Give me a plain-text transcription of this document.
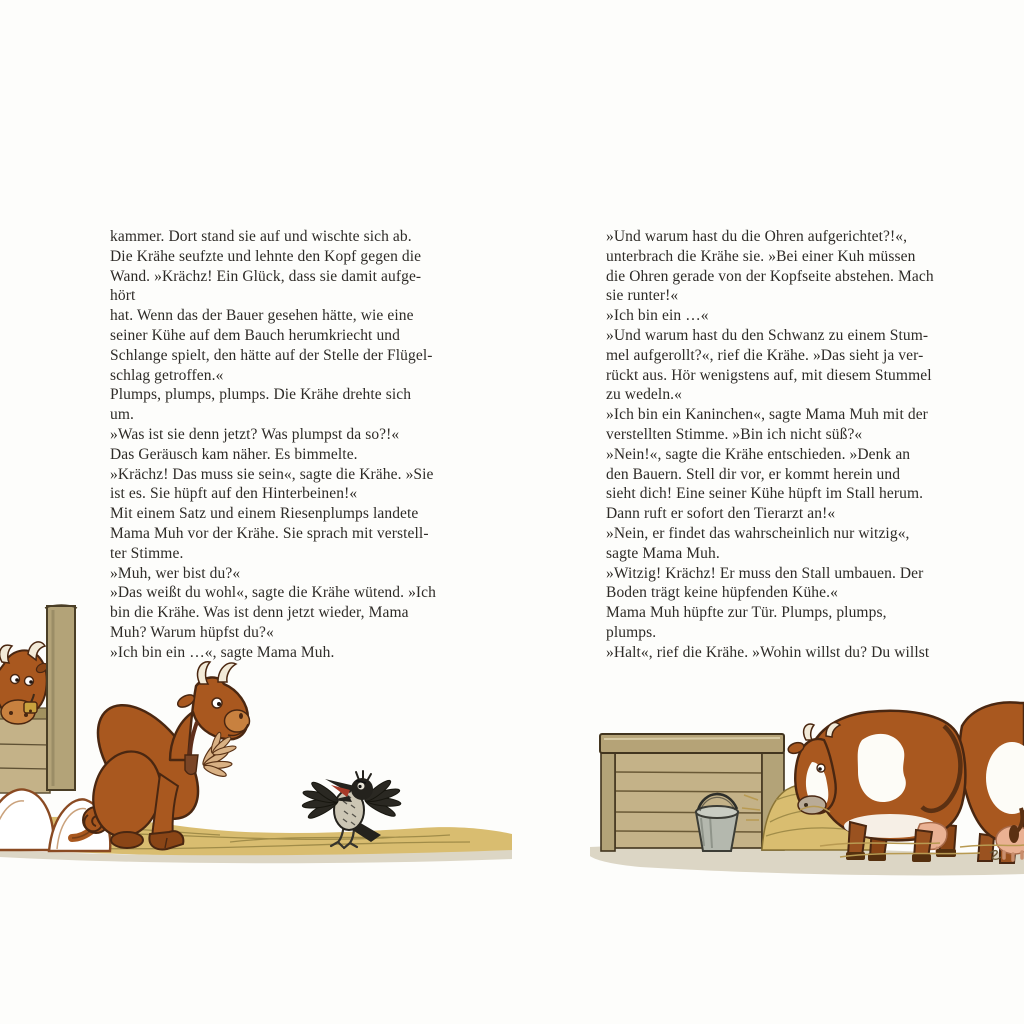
kammer. Dort stand sie auf und wischte sich ab.
Die Krähe seufzte und lehnte den Kopf gegen die
Wand. »Krächz! Ein Glück, dass sie damit aufge-
hört
hat. Wenn das der Bauer gesehen hätte, wie eine
seiner Kühe auf dem Bauch herumkriecht und
Schlange spielt, den hätte auf der Stelle der Flügel-
schlag getroffen.«
Plumps, plumps, plumps. Die Krähe drehte sich
um.
»Was ist sie denn jetzt? Was plumpst da so?!«
Das Geräusch kam näher. Es bimmelte.
»Krächz! Das muss sie sein«, sagte die Krähe. »Sie
ist es. Sie hüpft auf den Hinterbeinen!«
Mit einem Satz und einem Riesenplumps landete
Mama Muh vor der Krähe. Sie sprach mit verstell-
ter Stimme.
»Muh, wer bist du?«
»Das weißt du wohl«, sagte die Krähe wütend. »Ich
bin die Krähe. Was ist denn jetzt wieder, Mama
Muh? Warum hüpfst du?«
»Ich bin ein …«, sagte Mama Muh.
»Und warum hast du die Ohren aufgerichtet?!«,
unterbrach die Krähe sie. »Bei einer Kuh müssen
die Ohren gerade von der Kopfseite abstehen. Mach
sie runter!«
»Ich bin ein …«
»Und warum hast du den Schwanz zu einem Stum-
mel aufgerollt?«, rief die Krähe. »Das sieht ja ver-
rückt aus. Hör wenigstens auf, mit diesem Stummel
zu wedeln.«
»Ich bin ein Kaninchen«, sagte Mama Muh mit der
verstellten Stimme. »Bin ich nicht süß?«
»Nein!«, sagte die Krähe entschieden. »Denk an
den Bauern. Stell dir vor, er kommt herein und
sieht dich! Eine seiner Kühe hüpft im Stall herum.
Dann ruft er sofort den Tierarzt an!«
»Nein, er findet das wahrscheinlich nur witzig«,
sagte Mama Muh.
»Witzig! Krächz! Er muss den Stall umbauen. Der
Boden trägt keine hüpfenden Kühe.«
Mama Muh hüpfte zur Tür. Plumps, plumps,
plumps.
»Halt«, rief die Krähe. »Wohin willst du? Du willst
